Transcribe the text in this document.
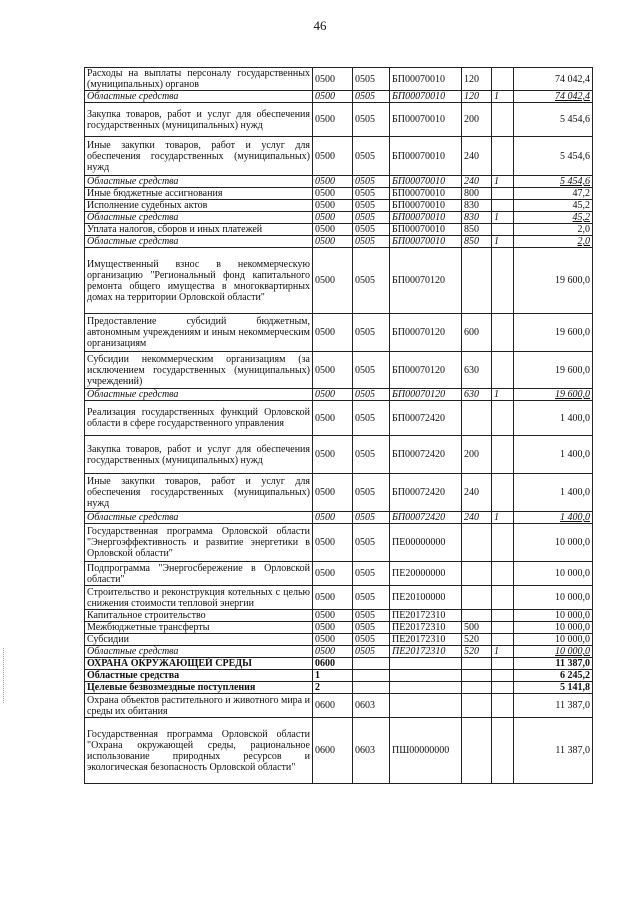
46
Расходы на выплаты персоналу государственных (муниципальных) органов	0500	0505	БП00070010	120		74 042,4
Областные средства	0500	0505	БП00070010	120	1	74 042,4
Закупка товаров, работ и услуг для обеспечения государственных (муниципальных) нужд	0500	0505	БП00070010	200		5 454,6
Иные закупки товаров, работ и услуг для обеспечения государственных (муниципальных) нужд	0500	0505	БП00070010	240		5 454,6
Областные средства	0500	0505	БП00070010	240	1	5 454,6
Иные бюджетные ассигнования	0500	0505	БП00070010	800		47,2
Исполнение судебных актов	0500	0505	БП00070010	830		45,2
Областные средства	0500	0505	БП00070010	830	1	45,2
Уплата налогов, сборов и иных платежей	0500	0505	БП00070010	850		2,0
Областные средства	0500	0505	БП00070010	850	1	2,0
Имущественный взнос в некоммерческую организацию "Региональный фонд капитального ремонта общего имущества в многоквартирных домах на территории Орловской области"	0500	0505	БП00070120			19 600,0
Предоставление субсидий бюджетным, автономным учреждениям и иным некоммерческим организациям	0500	0505	БП00070120	600		19 600,0
Субсидии некоммерческим организациям (за исключением государственных (муниципальных) учреждений)	0500	0505	БП00070120	630		19 600,0
Областные средства	0500	0505	БП00070120	630	1	19 600,0
Реализация государственных функций Орловской области в сфере государственного управления	0500	0505	БП00072420			1 400,0
Закупка товаров, работ и услуг для обеспечения государственных (муниципальных) нужд	0500	0505	БП00072420	200		1 400,0
Иные закупки товаров, работ и услуг для обеспечения государственных (муниципальных) нужд	0500	0505	БП00072420	240		1 400,0
Областные средства	0500	0505	БП00072420	240	1	1 400,0
Государственная программа Орловской области "Энергоэффективность и развитие энергетики в Орловской области"	0500	0505	ПЕ00000000			10 000,0
Подпрограмма "Энергосбережение в Орловской области"	0500	0505	ПЕ20000000			10 000,0
Строительство и реконструкция котельных с целью снижения стоимости тепловой энергии	0500	0505	ПЕ20100000			10 000,0
Капитальное строительство	0500	0505	ПЕ20172310			10 000,0
Межбюджетные трансферты	0500	0505	ПЕ20172310	500		10 000,0
Субсидии	0500	0505	ПЕ20172310	520		10 000,0
Областные средства	0500	0505	ПЕ20172310	520	1	10 000,0
ОХРАНА ОКРУЖАЮЩЕЙ СРЕДЫ	0600					11 387,0
Областные средства	1					6 245,2
Целевые безвозмездные поступления	2					5 141,8
Охрана объектов растительного и животного мира и среды их обитания	0600	0603				11 387,0
Государственная программа Орловской области "Охрана окружающей среды, рациональное использование природных ресурсов и экологическая безопасность Орловской области"	0600	0603	ПШ00000000			11 387,0
